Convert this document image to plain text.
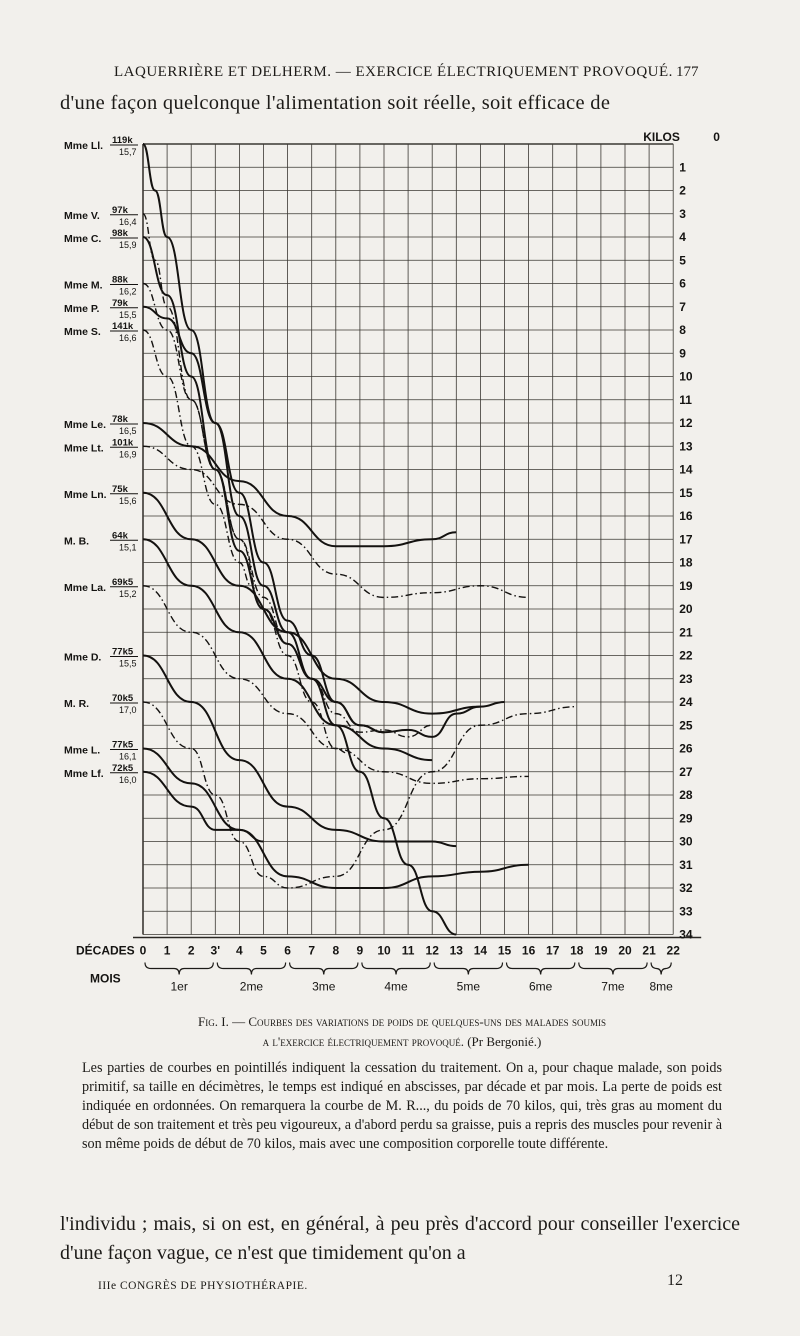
LAQUERRIÈRE ET DELHERM. — EXERCICE ÉLECTRIQUEMENT PROVOQUÉ. 177
d'une façon quelconque l'alimentation soit réelle, soit efficace de
Mme Ll. 119k
15,7
Mme V. 97k
16,4
Mme C. 98k
15,9
Mme M. 88k
16,2
Mme P. 79k
15,5
Mme S. 141k
16,6
Mme Le. 78k
16,5
Mme Lt. 101k
16,9
Mme Ln. 75k
15,6
M. B. 64k
15,1
Mme La. 69k5
15,2
Mme D. 77k5
15,5
M. R. 70k5
17,0
Mme L. 77k5
16,1
Mme Lf. 72k5
16,0
KILOS	0
1
2
3
4
5
6
7
8
9
10
11
12
13
14
15
16
17
18
19
20
21
22
23
24
25
26
27
28
29
30
31
32
33
34
DÉCADES 0 1 2 3' 4 5 6 7 8 9 10 11 12 13 14 15 16 17 18 19 20 21 22
MOIS
1er	2me	3me	4me	5me	6me	7me 8me
Fig. I. — Courbes des variations de poids de quelques-uns des malades soumis
a l'exercice électriquement provoqué. (Pr Bergonié.)
Les parties de courbes en pointillés indiquent la cessation du traitement. On a, pour chaque malade, son poids primitif, sa taille en décimètres, le temps est indiqué en abscisses, par décade et par mois. La perte de poids est indiquée en ordonnées. On remarquera la courbe de M. R..., du poids de 70 kilos, qui, très gras au moment du début de son traitement et très peu vigoureux, a d'abord perdu sa graisse, puis a repris des muscles pour revenir à son même poids de début de 70 kilos, mais avec une composition corporelle toute différente.
l'individu ; mais, si on est, en général, à peu près d'accord pour conseiller l'exercice d'une façon vague, ce n'est que timidement qu'on a
IIIe CONGRÈS DE PHYSIOTHÉRAPIE.	12
